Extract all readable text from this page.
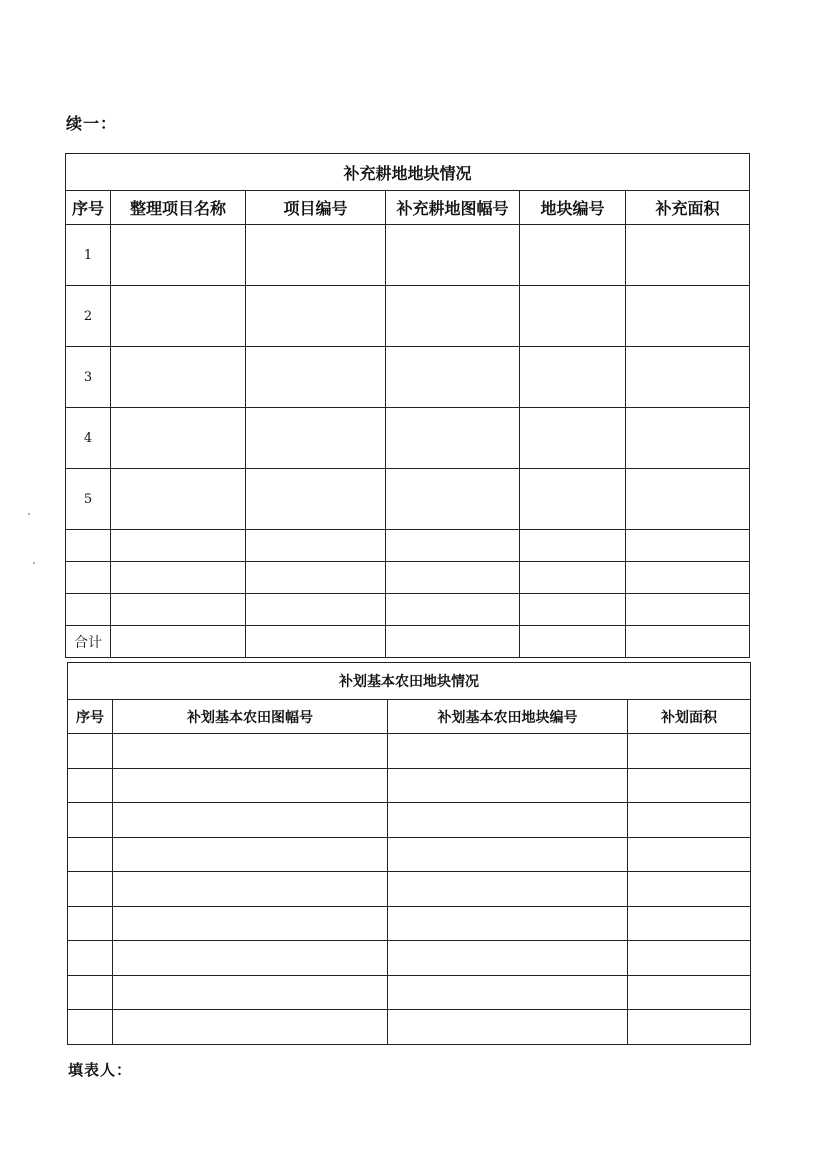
续一：
补充耕地地块情况					
序号	整理项目名称	项目编号	补充耕地图幅号	地块编号	补充面积
1					
2					
3					
4					
5					

合计					
补划基本农田地块情况			
序号	补划基本农田图幅号	补划基本农田地块编号	补划面积

填表人：
